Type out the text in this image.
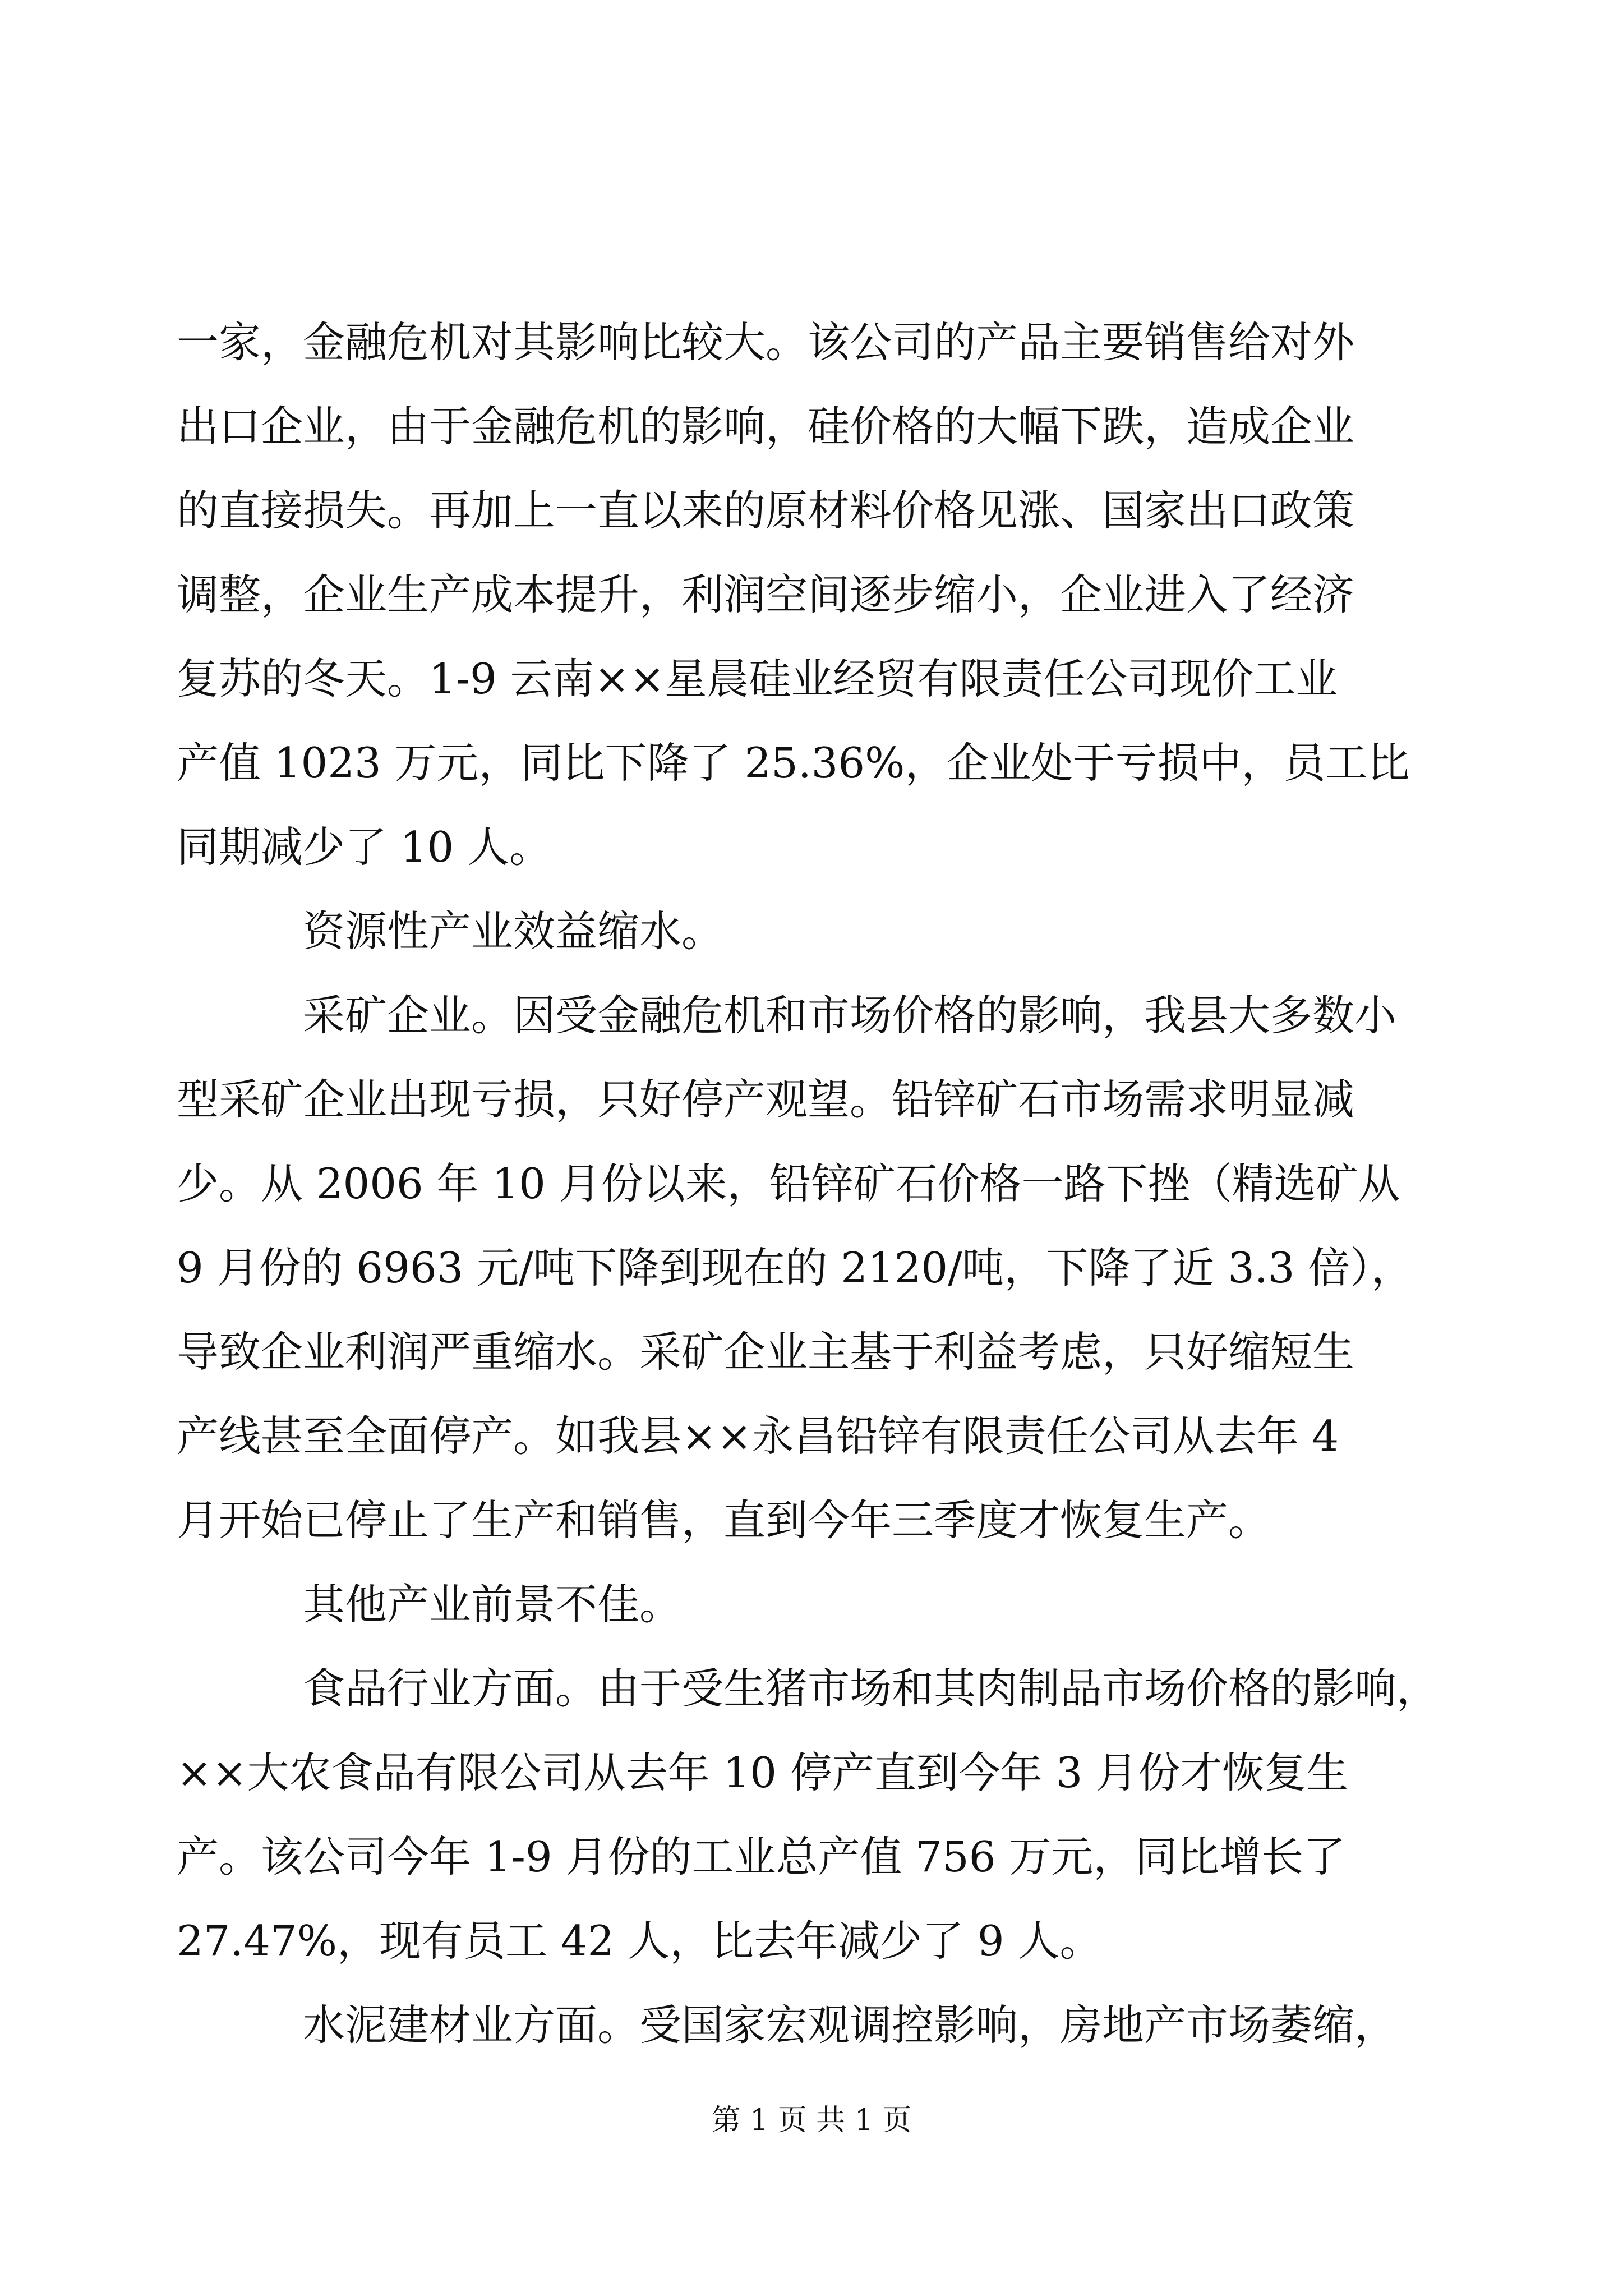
一家，金融危机对其影响比较大。该公司的产品主要销售给对外
出口企业，由于金融危机的影响，硅价格的大幅下跌，造成企业
的直接损失。再加上一直以来的原材料价格见涨、国家出口政策
调整，企业生产成本提升，利润空间逐步缩小，企业进入了经济
复苏的冬天。1-9 云南××星晨硅业经贸有限责任公司现价工业
产值 1023 万元，同比下降了 25.36%，企业处于亏损中，员工比
同期减少了 10 人。
资源性产业效益缩水。
采矿企业。因受金融危机和市场价格的影响，我县大多数小
型采矿企业出现亏损，只好停产观望。铅锌矿石市场需求明显减
少。从 2006 年 10 月份以来，铅锌矿石价格一路下挫（精选矿从
9 月份的 6963 元/吨下降到现在的 2120/吨，下降了近 3.3 倍），
导致企业利润严重缩水。采矿企业主基于利益考虑，只好缩短生
产线甚至全面停产。如我县××永昌铅锌有限责任公司从去年 4
月开始已停止了生产和销售，直到今年三季度才恢复生产。
其他产业前景不佳。
食品行业方面。由于受生猪市场和其肉制品市场价格的影响，
××大农食品有限公司从去年 10 停产直到今年 3 月份才恢复生
产。该公司今年 1-9 月份的工业总产值 756 万元，同比增长了
27.47%，现有员工 42 人，比去年减少了 9 人。
水泥建材业方面。受国家宏观调控影响，房地产市场萎缩，
第 1 页 共 1 页
